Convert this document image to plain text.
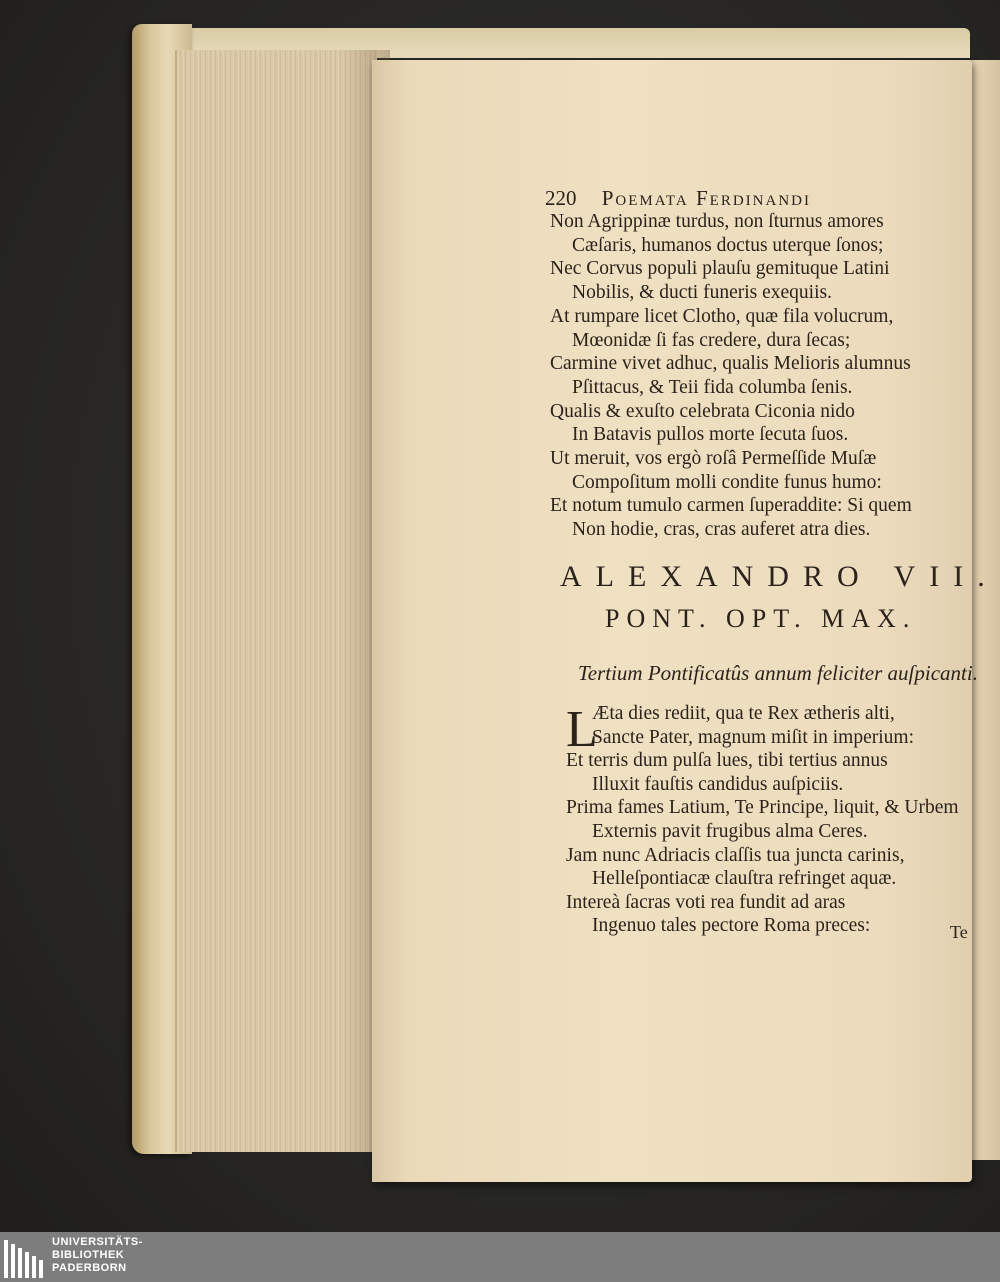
220 Poemata Ferdinandi
Non Agrippinæ turdus, non ſturnus amores
Cæſaris, humanos doctus uterque ſonos;
Nec Corvus populi plauſu gemituque Latini
Nobilis, & ducti funeris exequiis.
At rumpare licet Clotho, quæ fila volucrum,
Mœonidæ ſi fas credere, dura ſecas;
Carmine vivet adhuc, qualis Melioris alumnus
Pſittacus, & Teii fida columba ſenis.
Qualis & exuſto celebrata Ciconia nido
In Batavis pullos morte ſecuta ſuos.
Ut meruit, vos ergò roſâ Permeſſide Muſæ
Compoſitum molli condite funus humo:
Et notum tumulo carmen ſuperaddite: Si quem
Non hodie, cras, cras auferet atra dies.
ALEXANDRO VII.
PONT. OPT. MAX.
Tertium Pontificatûs annum feliciter auſpicanti.
L
Æta dies rediit, qua te Rex ætheris alti,
Sancte Pater, magnum miſit in imperium:
Et terris dum pulſa lues, tibi tertius annus
Illuxit fauſtis candidus auſpiciis.
Prima fames Latium, Te Principe, liquit, & Urbem
Externis pavit frugibus alma Ceres.
Jam nunc Adriacis claſſis tua juncta carinis,
Helleſpontiacæ clauſtra refringet aquæ.
Intereà ſacras voti rea fundit ad aras
Ingenuo tales pectore Roma preces:	Te
UNIVERSITÄTS-
BIBLIOTHEK
PADERBORN
